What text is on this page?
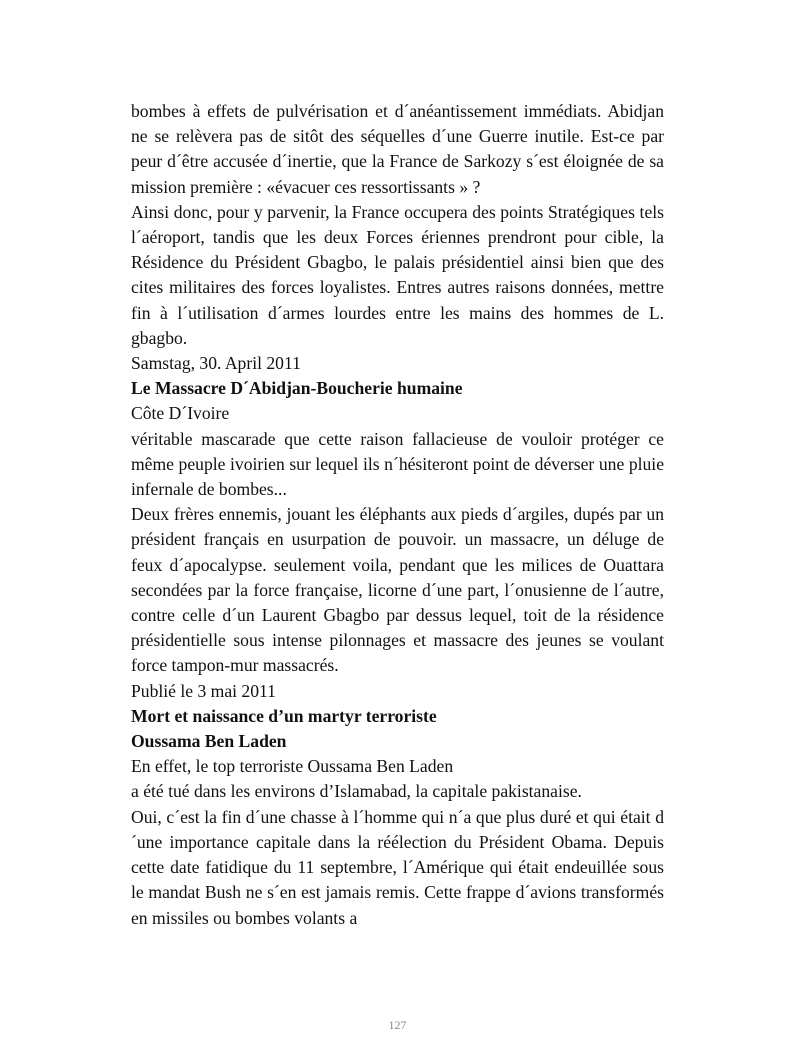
bombes à effets de pulvérisation et d´anéantissement immédiats. Abidjan ne se relèvera pas de sitôt des séquelles d´une Guerre inutile. Est-ce par peur d´être accusée d´inertie, que la France de Sarkozy s´est éloignée de sa mission première : «évacuer ces ressortissants » ?

Ainsi donc, pour y parvenir, la France occupera des points Stratégiques tels l´aéroport, tandis que les deux Forces ériennes prendront pour cible, la Résidence du Président Gbagbo, le palais présidentiel ainsi bien que des cites militaires des forces loyalistes. Entres autres raisons données, mettre fin à l´utilisation d´armes lourdes entre les mains des hommes de L. gbagbo.

Samstag, 30. April 2011

Le Massacre D´Abidjan-Boucherie humaine

Côte D´Ivoire

véritable mascarade que cette raison fallacieuse de vouloir protéger ce même peuple ivoirien sur lequel ils n´hésiteront point de déverser une pluie infernale de bombes...

Deux frères ennemis, jouant les éléphants aux pieds d´argiles, dupés par un président français en usurpation de pouvoir. un massacre, un déluge de feux d´apocalypse. seulement voila, pendant que les milices de Ouattara secondées par la force française, licorne d´une part, l´onusienne de l´autre, contre celle d´un Laurent Gbagbo par dessus lequel, toit de la résidence présidentielle sous intense pilonnages et massacre des jeunes se voulant force tampon-mur massacrés.

Publié le 3 mai 2011

Mort et naissance d’un martyr terroriste

Oussama Ben Laden

En effet, le top terroriste Oussama Ben Laden

a été tué dans les environs d’Islamabad, la capitale pakistanaise.

Oui, c´est la fin d´une chasse à l´homme qui n´a que plus duré et qui était d´une importance capitale dans la réélection du Président Obama. Depuis cette date fatidique du 11 septembre, l´Amérique qui était endeuillée sous le mandat Bush ne s´en est jamais remis. Cette frappe d´avions transformés en missiles ou bombes volants a

127
